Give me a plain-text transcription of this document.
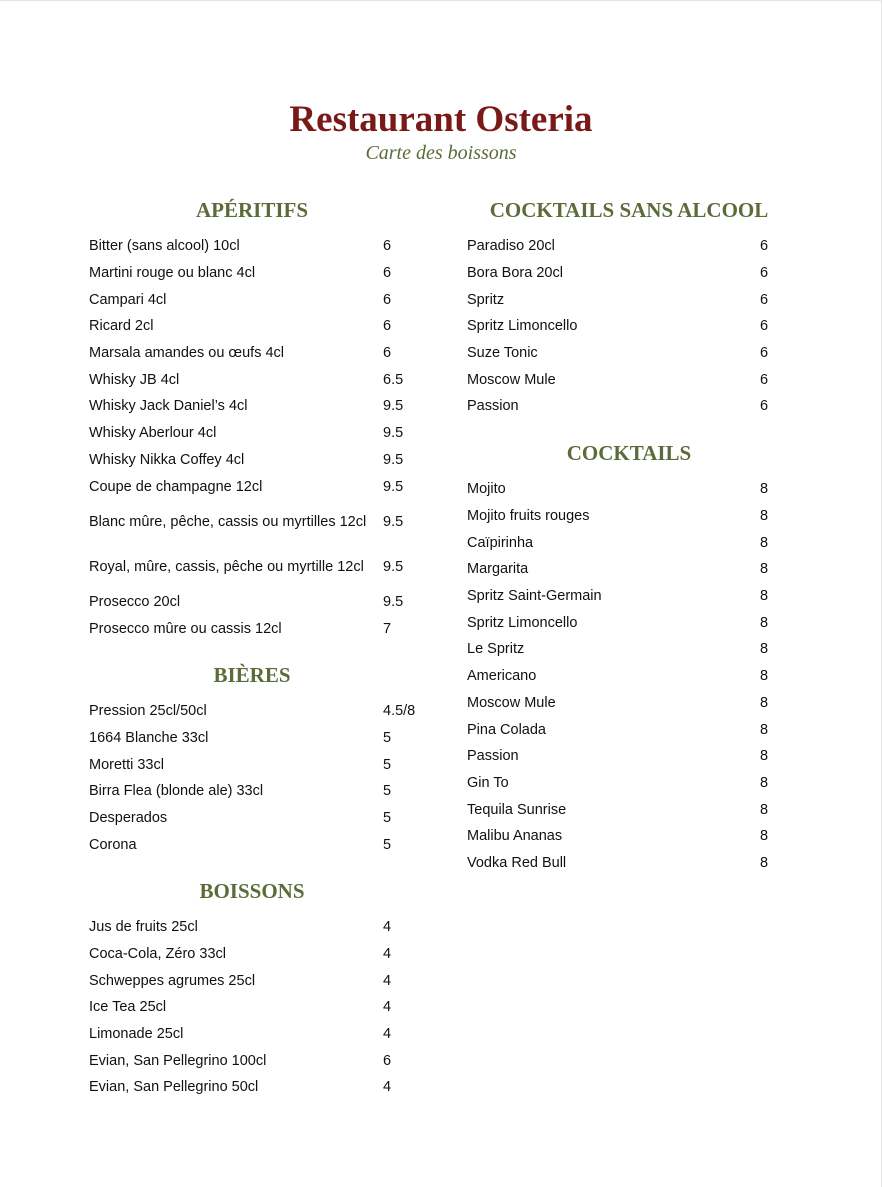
Restaurant Osteria
Carte des boissons
APÉRITIFS
Bitter (sans alcool) 10cl	6
Martini rouge ou blanc 4cl	6
Campari 4cl	6
Ricard 2cl	6
Marsala amandes ou œufs 4cl	6
Whisky JB 4cl	6.5
Whisky Jack Daniel’s 4cl	9.5
Whisky Aberlour 4cl	9.5
Whisky Nikka Coffey 4cl	9.5
Coupe de champagne 12cl	9.5
Blanc mûre, pêche, cassis ou myrtilles 12cl	9.5
Royal, mûre, cassis, pêche ou myrtille 12cl	9.5
Prosecco 20cl	9.5
Prosecco mûre ou cassis 12cl	7
BIÈRES
Pression 25cl/50cl	4.5/8
1664 Blanche 33cl	5
Moretti 33cl	5
Birra Flea (blonde ale) 33cl	5
Desperados	5
Corona	5
BOISSONS
Jus de fruits 25cl	4
Coca-Cola, Zéro 33cl	4
Schweppes agrumes 25cl	4
Ice Tea 25cl	4
Limonade 25cl	4
Evian, San Pellegrino 100cl	6
Evian, San Pellegrino 50cl	4
COCKTAILS SANS ALCOOL
Paradiso 20cl	6
Bora Bora 20cl	6
Spritz	6
Spritz Limoncello	6
Suze Tonic	6
Moscow Mule	6
Passion	6
COCKTAILS
Mojito	8
Mojito fruits rouges	8
Caïpirinha	8
Margarita	8
Spritz Saint-Germain	8
Spritz Limoncello	8
Le Spritz	8
Americano	8
Moscow Mule	8
Pina Colada	8
Passion	8
Gin To	8
Tequila Sunrise	8
Malibu Ananas	8
Vodka Red Bull	8
